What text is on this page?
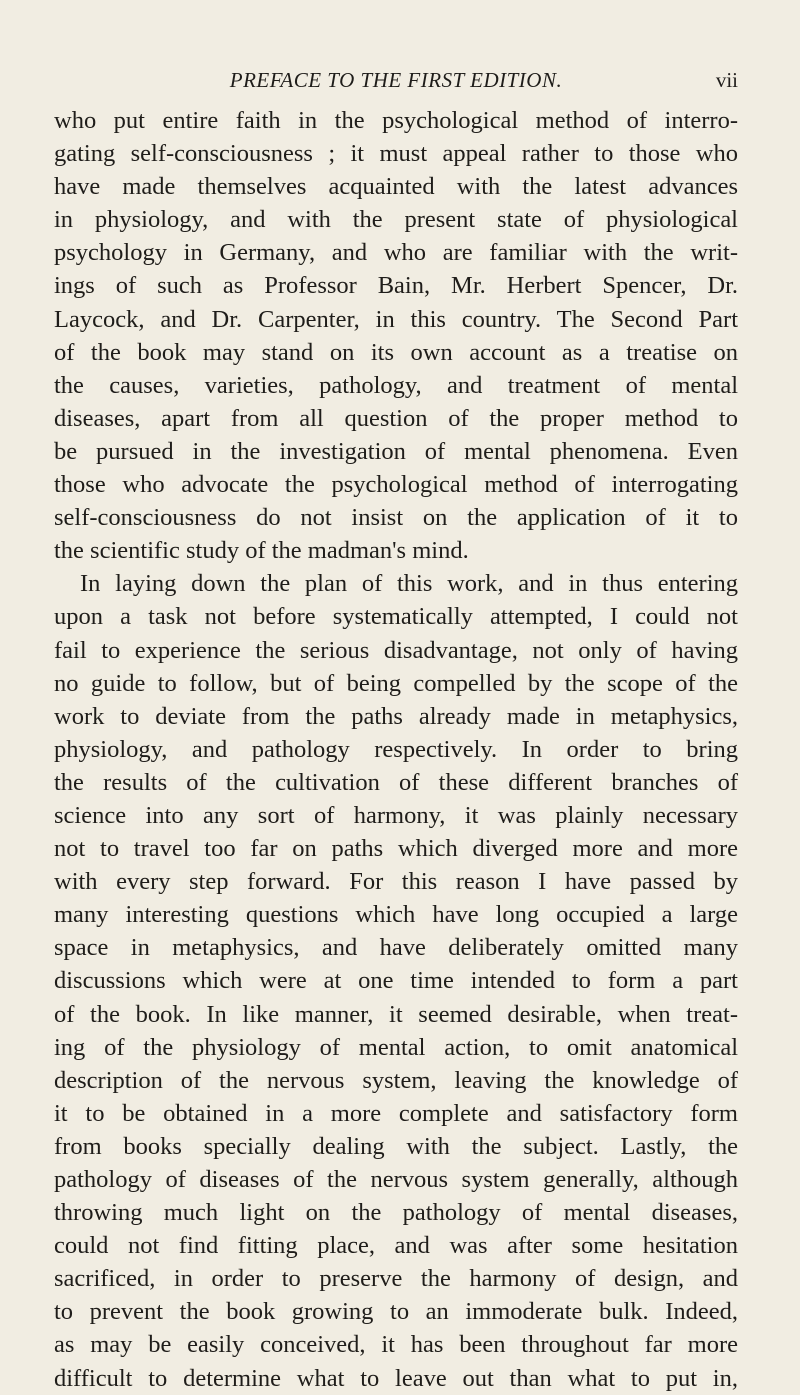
PREFACE TO THE FIRST EDITION.	vii
who put entire faith in the psychological method of interro-
gating self-consciousness ; it must appeal rather to those who
have made themselves acquainted with the latest advances
in physiology, and with the present state of physiological
psychology in Germany, and who are familiar with the writ-
ings of such as Professor Bain, Mr. Herbert Spencer, Dr.
Laycock, and Dr. Carpenter, in this country. The Second Part
of the book may stand on its own account as a treatise on
the causes, varieties, pathology, and treatment of mental
diseases, apart from all question of the proper method to
be pursued in the investigation of mental phenomena. Even
those who advocate the psychological method of interrogating
self-consciousness do not insist on the application of it to
the scientific study of the madman's mind.
In laying down the plan of this work, and in thus entering
upon a task not before systematically attempted, I could not
fail to experience the serious disadvantage, not only of having
no guide to follow, but of being compelled by the scope of the
work to deviate from the paths already made in metaphysics,
physiology, and pathology respectively. In order to bring
the results of the cultivation of these different branches of
science into any sort of harmony, it was plainly necessary
not to travel too far on paths which diverged more and more
with every step forward. For this reason I have passed by
many interesting questions which have long occupied a large
space in metaphysics, and have deliberately omitted many
discussions which were at one time intended to form a part
of the book. In like manner, it seemed desirable, when treat-
ing of the physiology of mental action, to omit anatomical
description of the nervous system, leaving the knowledge of
it to be obtained in a more complete and satisfactory form
from books specially dealing with the subject. Lastly, the
pathology of diseases of the nervous system generally, although
throwing much light on the pathology of mental diseases,
could not find fitting place, and was after some hesitation
sacrificed, in order to preserve the harmony of design, and
to prevent the book growing to an immoderate bulk. Indeed,
as may be easily conceived, it has been throughout far more
difficult to determine what to leave out than what to put in,
